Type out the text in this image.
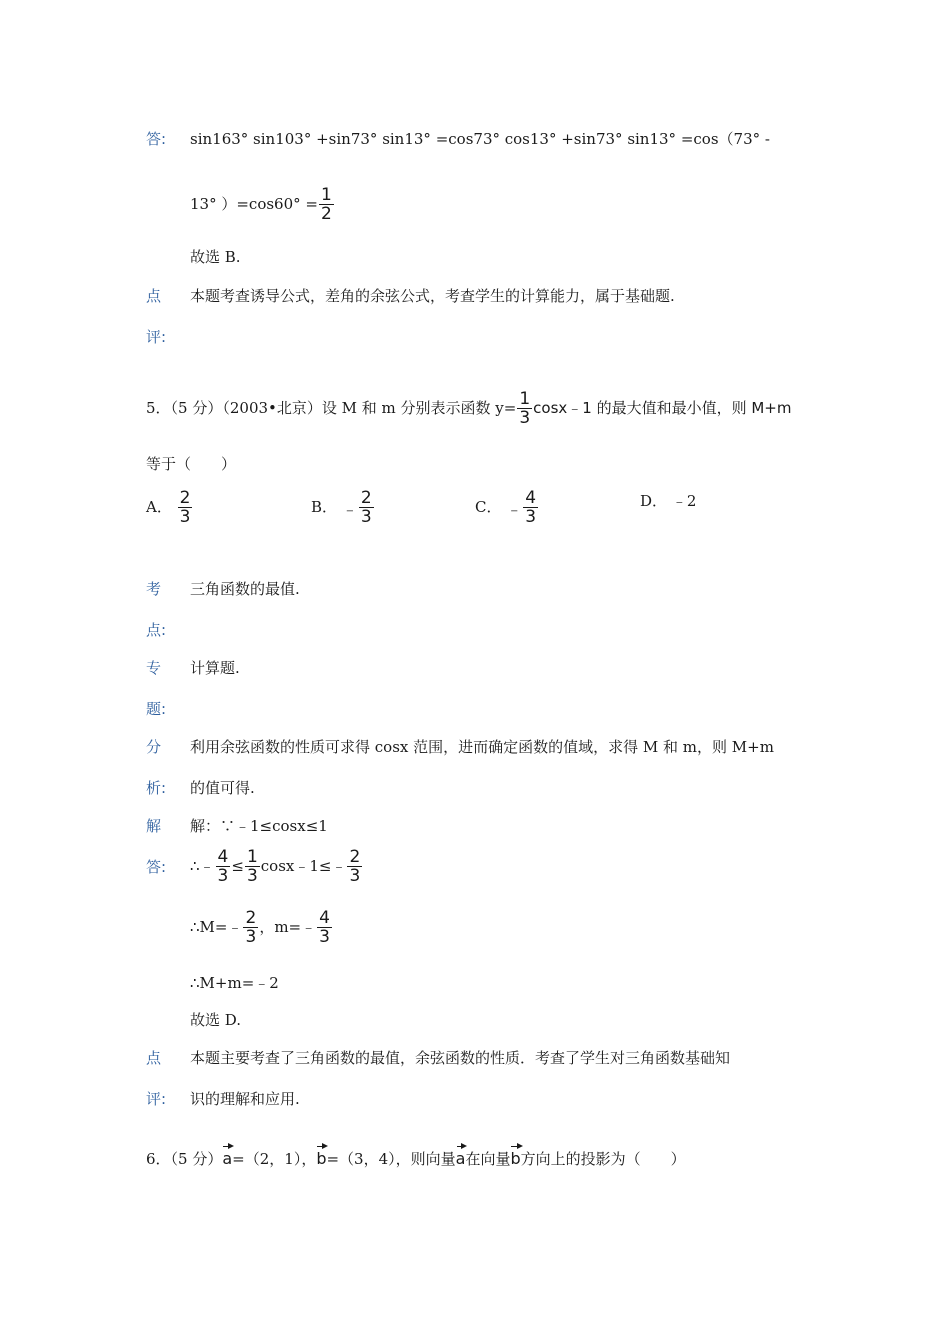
答: sin163° sin103° +sin73° sin13° =cos73° cos13° +sin73° sin13° =cos（73° -
13° ）$=\cos 60^\circ = \frac{1}{2}$
故选 B.
点 本题考查诱导公式，差角的余弦公式，考查学生的计算能力，属于基础题.
评:
5．（5 分）（2003•北京）设 M 和 m 分别表示函数 $y= \frac{1}{3}$ cosx﹣1 的最大值和最小值，则 M+m
等于（　　）
A． $\frac{2}{3}$	B． ﹣ $\frac{2}{3}$	C． ﹣ $\frac{4}{3}$	D． ﹣2
考 三角函数的最值.
点:
专 计算题.
题:
分 利用余弦函数的性质可求得 cosx 范围，进而确定函数的值域，求得 M 和 m，则 M+m
析: 的值可得.
解 解：∵﹣1≤cosx≤1
答: ∴﹣ $\frac{4}{3} \le \frac{1}{3}$ cosx﹣1≤﹣ $\frac{2}{3}$
∴M=﹣ $\frac{2}{3}$ ，m=﹣ $\frac{4}{3}$
∴M+m=﹣2
故选 D.
点 本题主要考查了三角函数的最值，余弦函数的性质．考查了学生对三角函数基础知
评: 识的理解和应用.
6．（5 分）a=（2，1），b=（3，4），则向量a在向量b方向上的投影为（　　）
